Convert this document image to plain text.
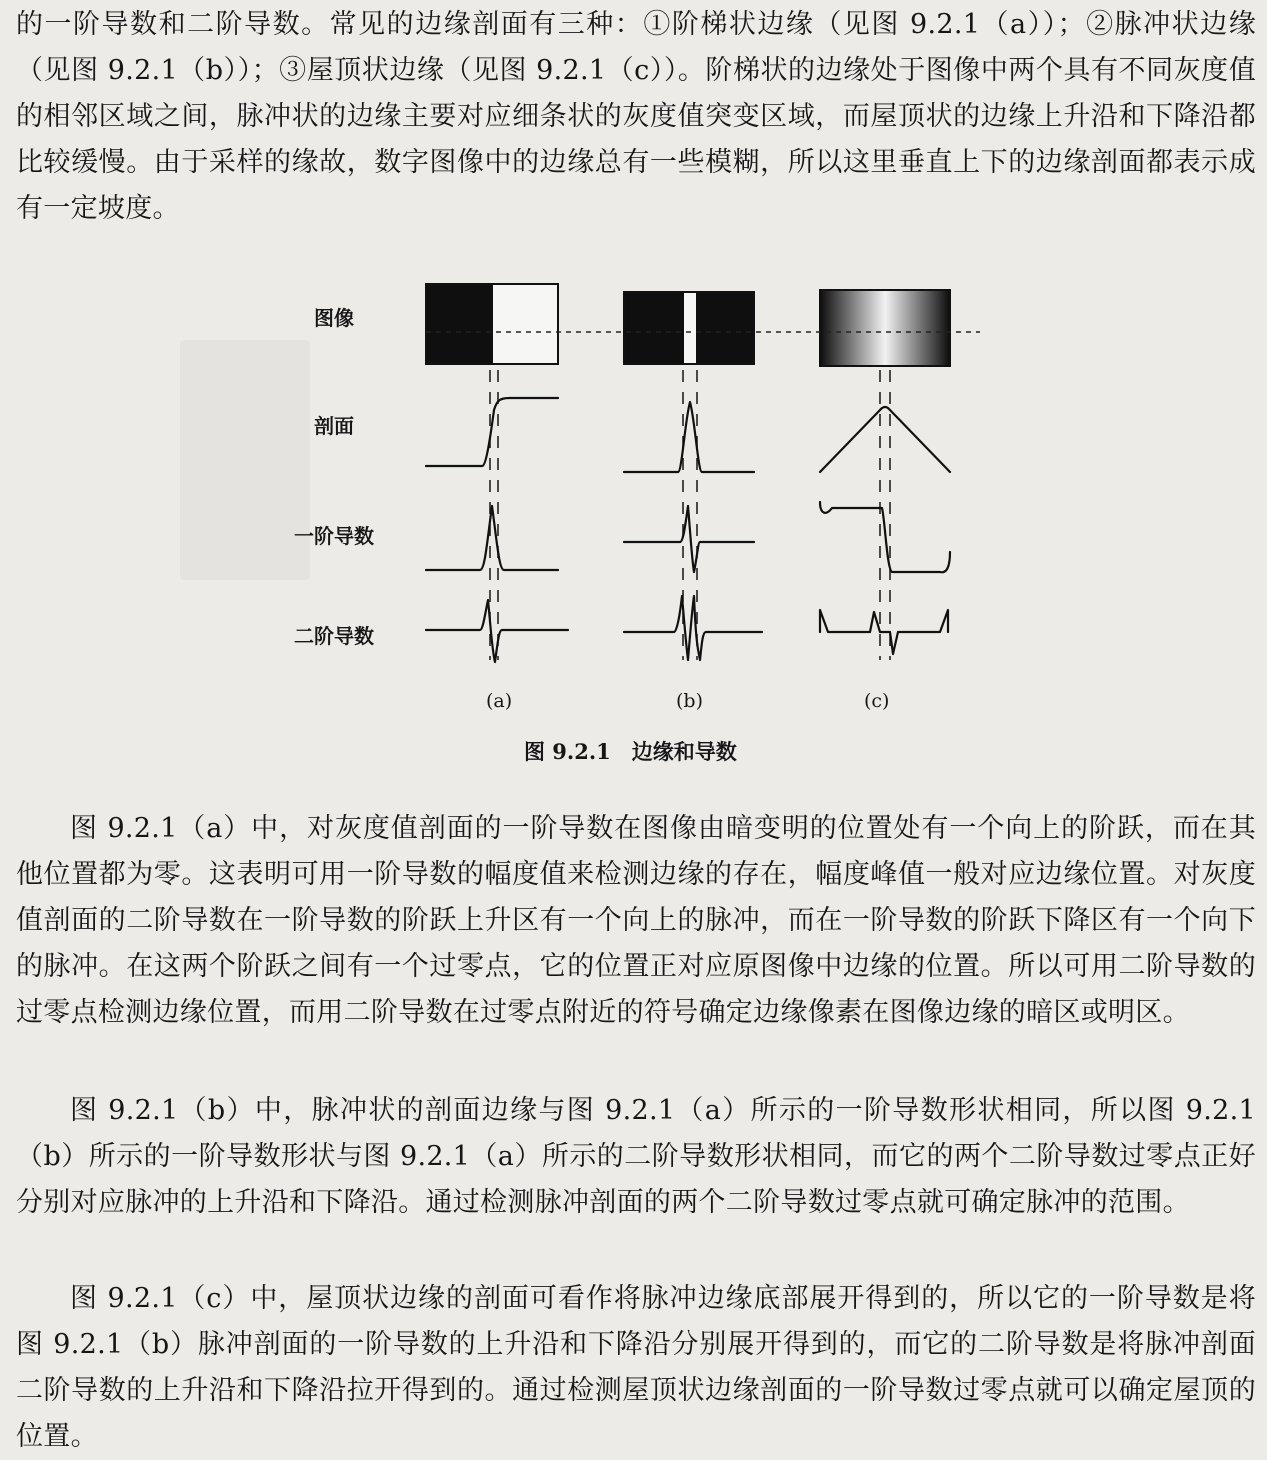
的一阶导数和二阶导数。常见的边缘剖面有三种：①阶梯状边缘（见图 9.2.1（a））；②脉冲状边缘（见图 9.2.1（b））；③屋顶状边缘（见图 9.2.1（c））。阶梯状的边缘处于图像中两个具有不同灰度值的相邻区域之间，脉冲状的边缘主要对应细条状的灰度值突变区域，而屋顶状的边缘上升沿和下降沿都比较缓慢。由于采样的缘故，数字图像中的边缘总有一些模糊，所以这里垂直上下的边缘剖面都表示成有一定坡度。

图像

剖面

一阶导数

二阶导数

(a)	(b)	(c)

图 9.2.1　边缘和导数

图 9.2.1（a）中，对灰度值剖面的一阶导数在图像由暗变明的位置处有一个向上的阶跃，而在其他位置都为零。这表明可用一阶导数的幅度值来检测边缘的存在，幅度峰值一般对应边缘位置。对灰度值剖面的二阶导数在一阶导数的阶跃上升区有一个向上的脉冲，而在一阶导数的阶跃下降区有一个向下的脉冲。在这两个阶跃之间有一个过零点，它的位置正对应原图像中边缘的位置。所以可用二阶导数的过零点检测边缘位置，而用二阶导数在过零点附近的符号确定边缘像素在图像边缘的暗区或明区。

图 9.2.1（b）中，脉冲状的剖面边缘与图 9.2.1（a）所示的一阶导数形状相同，所以图 9.2.1（b）所示的一阶导数形状与图 9.2.1（a）所示的二阶导数形状相同，而它的两个二阶导数过零点正好分别对应脉冲的上升沿和下降沿。通过检测脉冲剖面的两个二阶导数过零点就可确定脉冲的范围。

图 9.2.1（c）中，屋顶状边缘的剖面可看作将脉冲边缘底部展开得到的，所以它的一阶导数是将图 9.2.1（b）脉冲剖面的一阶导数的上升沿和下降沿分别展开得到的，而它的二阶导数是将脉冲剖面二阶导数的上升沿和下降沿拉开得到的。通过检测屋顶状边缘剖面的一阶导数过零点就可以确定屋顶的位置。
